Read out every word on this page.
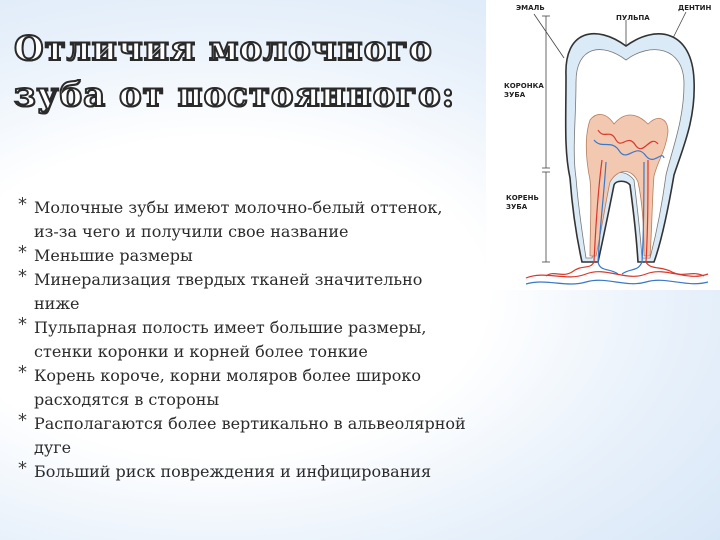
Отличия молочного
зуба от постоянного:
* Молочные зубы имеют молочно-белый оттенок,
из-за чего и получили свое название
* Меньшие размеры
* Минерализация твердых тканей значительно
ниже
* Пульпарная полость имеет большие размеры,
стенки коронки и корней более тонкие
* Корень короче, корни моляров более широко
расходятся в стороны
* Располагаются более вертикально в альвеолярной
дуге
* Больший риск повреждения и инфицирования
ЭМАЛЬ
ПУЛЬПА
ДЕНТИН
КОРОНКА
ЗУБА
КОРЕНЬ
ЗУБА
